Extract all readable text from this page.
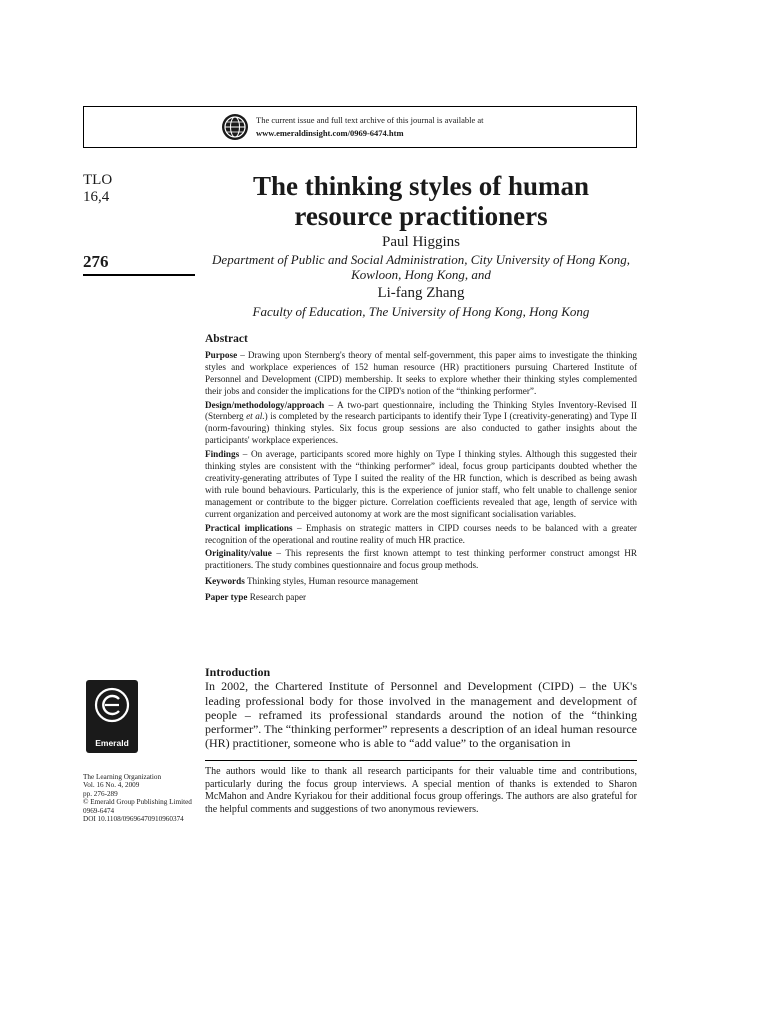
The current issue and full text archive of this journal is available at
www.emeraldinsight.com/0969-6474.htm
TLO
16,4
276
The thinking styles of human
resource practitioners
Paul Higgins
Department of Public and Social Administration, City University of Hong Kong,
Kowloon, Hong Kong, and
Li-fang Zhang
Faculty of Education, The University of Hong Kong, Hong Kong
Abstract

Purpose – Drawing upon Sternberg's theory of mental self-government, this paper aims to investigate the thinking styles and workplace experiences of 152 human resource (HR) practitioners pursuing Chartered Institute of Personnel and Development (CIPD) membership. It seeks to explore whether their thinking styles complemented their jobs and consider the implications for the CIPD's notion of the “thinking performer”.

Design/methodology/approach – A two-part questionnaire, including the Thinking Styles Inventory-Revised II (Sternberg et al.) is completed by the research participants to identify their Type I (creativity-generating) and Type II (norm-favouring) thinking styles. Six focus group sessions are also conducted to gather insights about the participants' workplace experiences.

Findings – On average, participants scored more highly on Type I thinking styles. Although this suggested their thinking styles are consistent with the “thinking performer” ideal, focus group participants doubted whether the creativity-generating attributes of Type I suited the reality of the HR function, which is described as being awash with rule bound behaviours. Particularly, this is the experience of junior staff, who felt unable to challenge senior management or contribute to the bigger picture. Correlation coefficients revealed that age, length of service with current organization and perceived autonomy at work are the most significant socialisation variables.

Practical implications – Emphasis on strategic matters in CIPD courses needs to be balanced with a greater recognition of the operational and routine reality of much HR practice.

Originality/value – This represents the first known attempt to test thinking performer construct amongst HR practitioners. The study combines questionnaire and focus group methods.

Keywords Thinking styles, Human resource management

Paper type Research paper

Introduction

In 2002, the Chartered Institute of Personnel and Development (CIPD) – the UK's leading professional body for those involved in the management and development of people – reframed its professional standards around the notion of the “thinking performer”. The “thinking performer” represents a description of an ideal human resource (HR) practitioner, someone who is able to “add value” to the organisation in

The authors would like to thank all research participants for their valuable time and contributions, particularly during the focus group interviews. A special mention of thanks is extended to Sharon McMahon and Andre Kyriakou for their additional focus group offerings. The authors are also grateful for the helpful comments and suggestions of two anonymous reviewers.
Emerald
The Learning Organization
Vol. 16 No. 4, 2009
pp. 276-289
© Emerald Group Publishing Limited
0969-6474
DOI 10.1108/09696470910960374
